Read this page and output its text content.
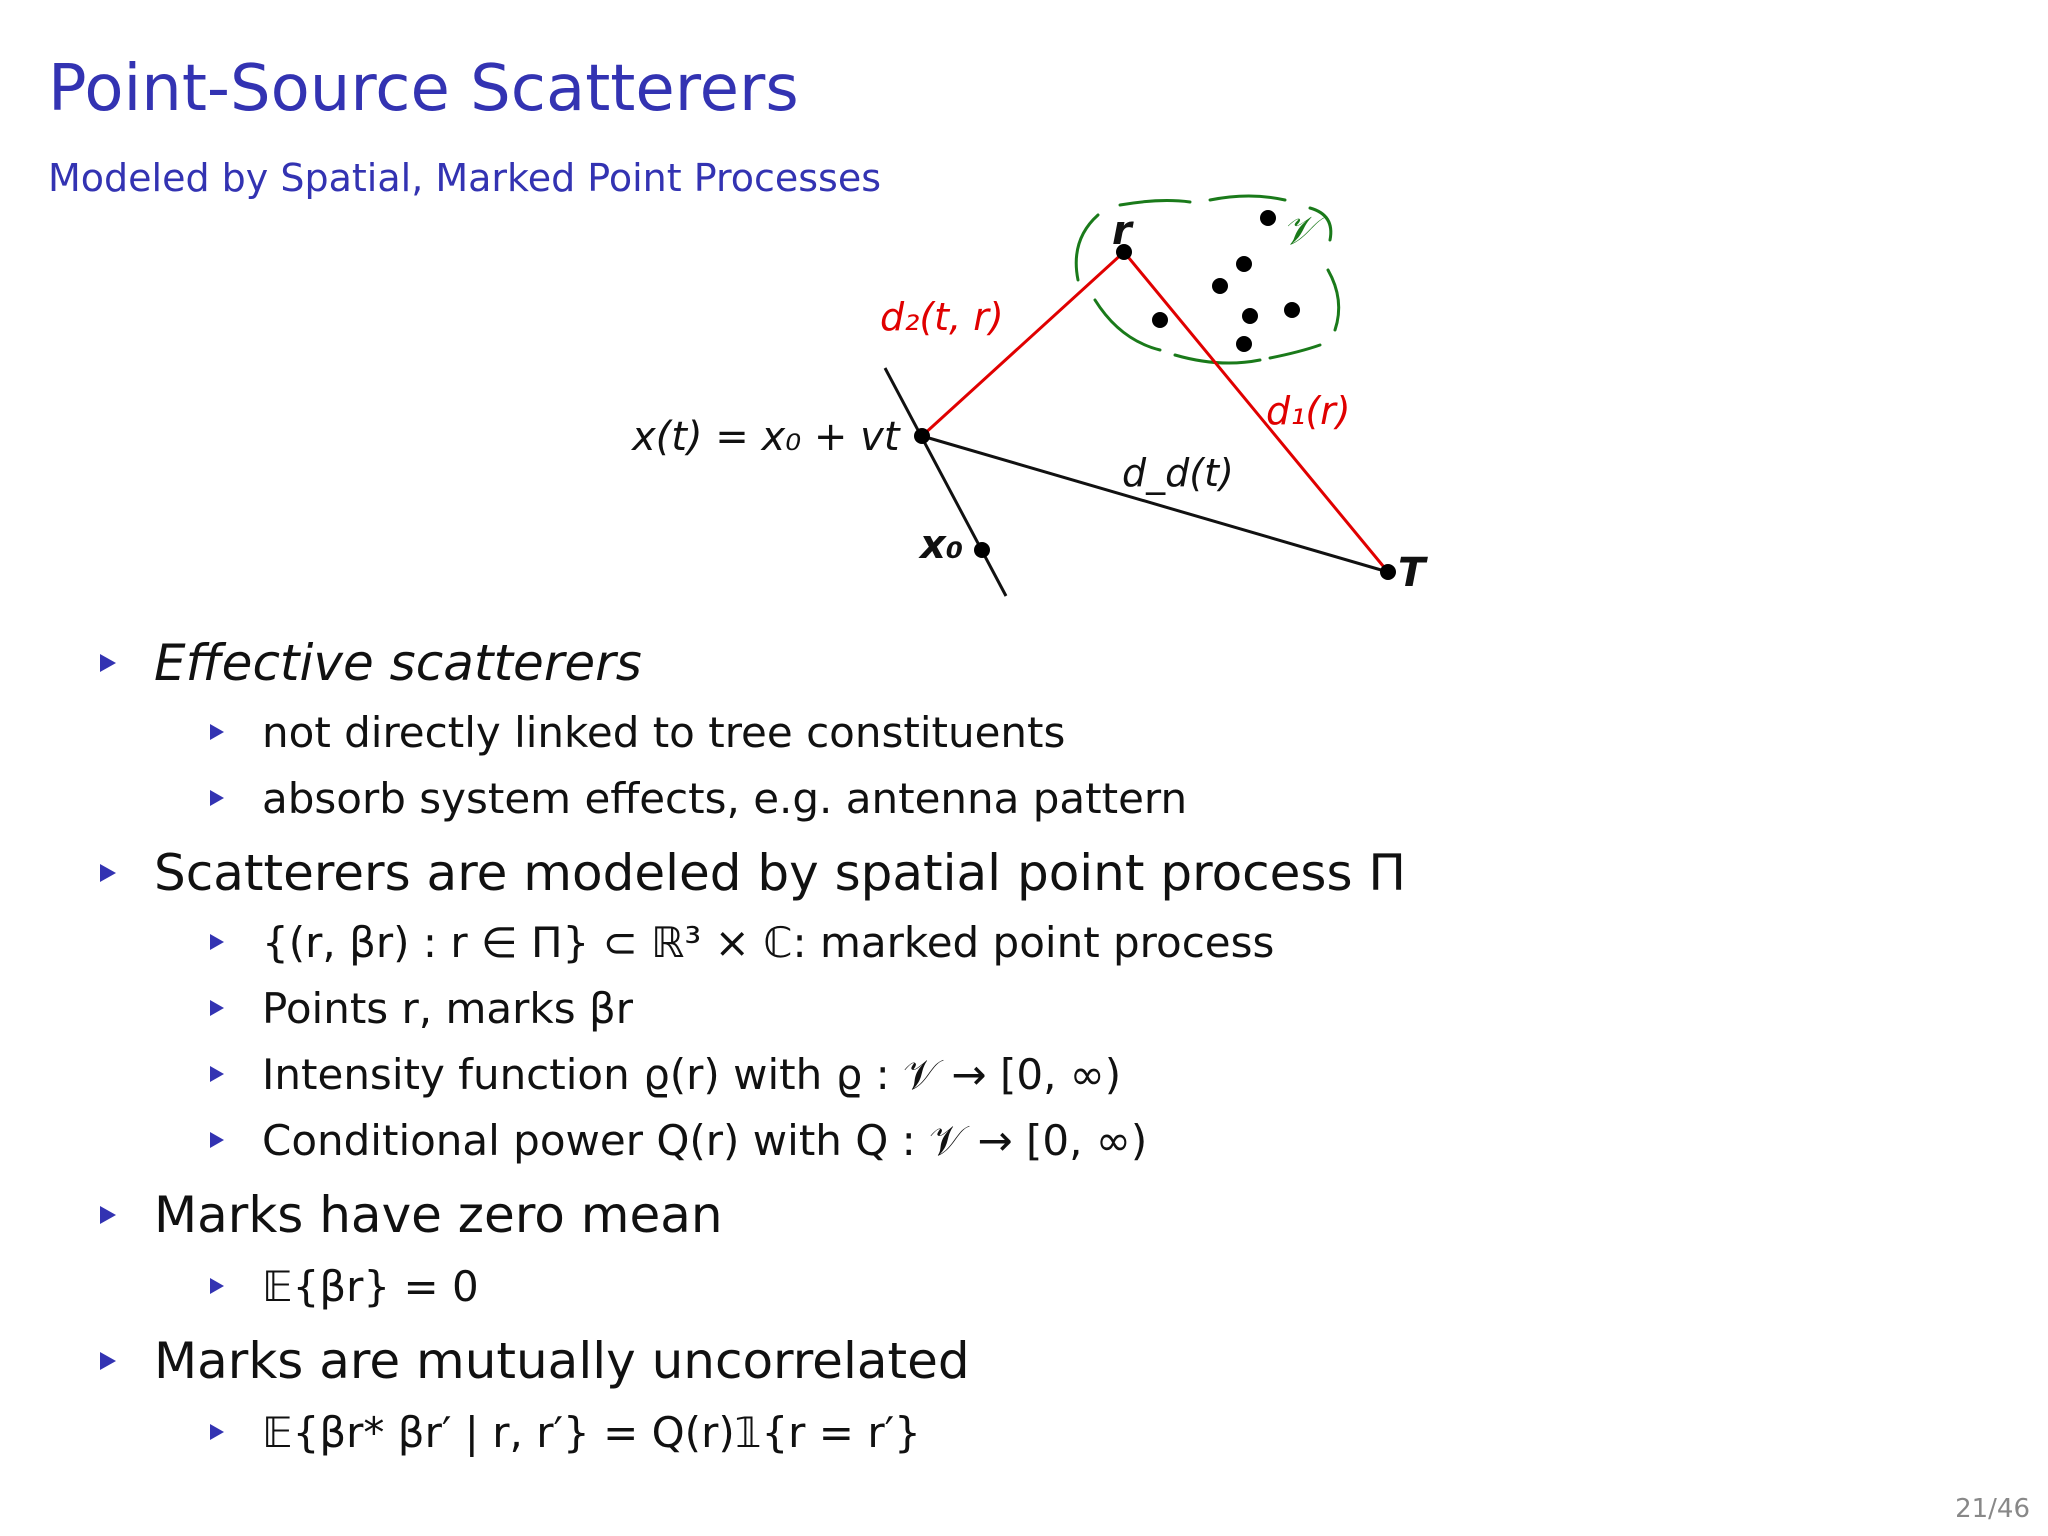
Point-Source Scatterers
Modeled by Spatial, Marked Point Processes
r	𝒱
d₂(t, r)
d₁(r)
d_d(t)
x(t) = x₀ + vt
x₀
T
Effective scatterers
not directly linked to tree constituents
absorb system effects, e.g. antenna pattern
Scatterers are modeled by spatial point process Π
{(r, βr) : r ∈ Π} ⊂ ℝ³ × ℂ: marked point process
Points r, marks βr
Intensity function ϱ(r) with ϱ : 𝒱 → [0, ∞)
Conditional power Q(r) with Q : 𝒱 → [0, ∞)
Marks have zero mean
𝔼{βr} = 0
Marks are mutually uncorrelated
𝔼{βr* βr′ | r, r′} = Q(r)𝟙{r = r′}
21/46
